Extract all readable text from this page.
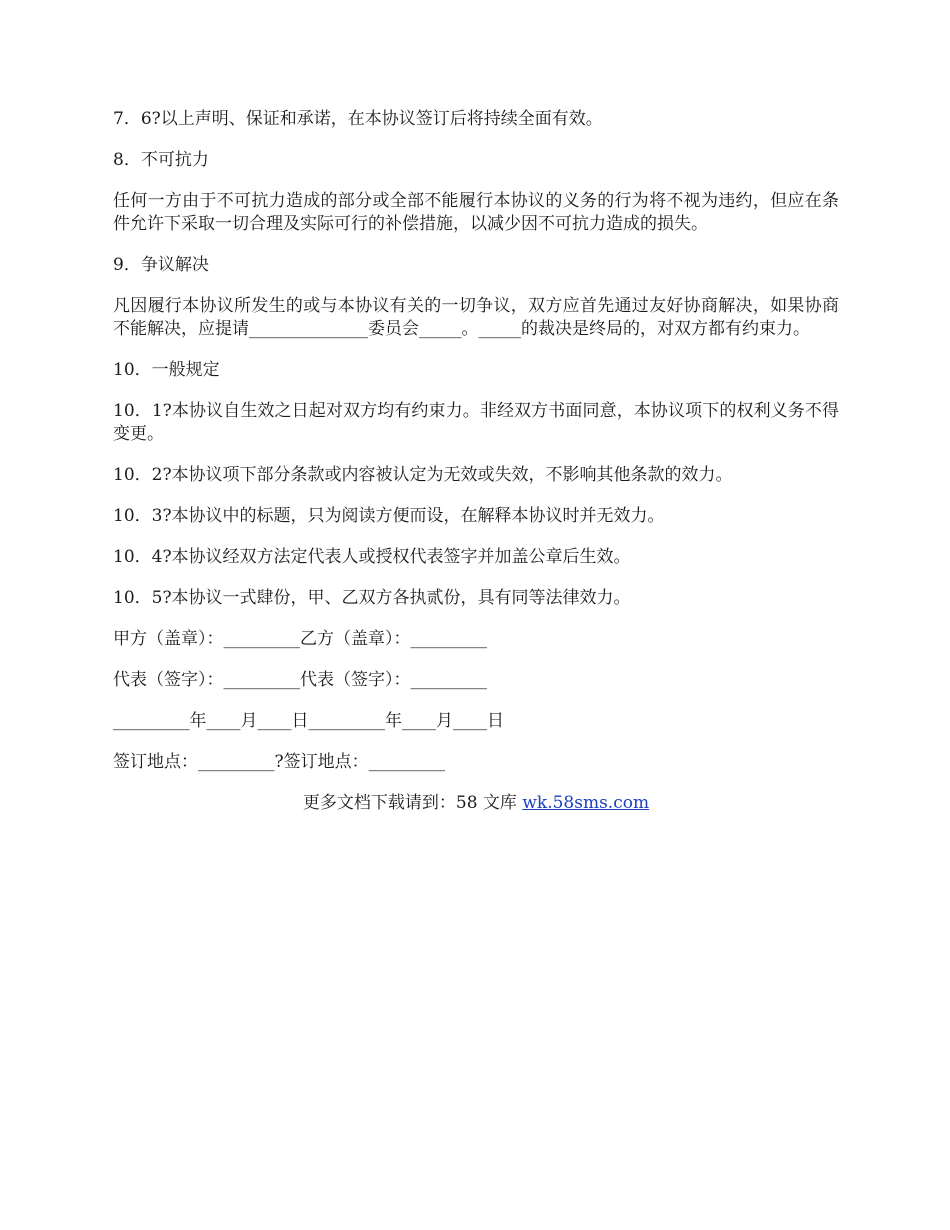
7．6?以上声明、保证和承诺，在本协议签订后将持续全面有效。

8．不可抗力

任何一方由于不可抗力造成的部分或全部不能履行本协议的义务的行为将不视为违约，但应在条件允许下采取一切合理及实际可行的补偿措施，以减少因不可抗力造成的损失。

9．争议解决

凡因履行本协议所发生的或与本协议有关的一切争议，双方应首先通过友好协商解决，如果协商不能解决，应提请______________委员会_____。_____的裁决是终局的，对双方都有约束力。

10．一般规定

10．1?本协议自生效之日起对双方均有约束力。非经双方书面同意，本协议项下的权利义务不得变更。

10．2?本协议项下部分条款或内容被认定为无效或失效，不影响其他条款的效力。

10．3?本协议中的标题，只为阅读方便而设，在解释本协议时并无效力。

10．4?本协议经双方法定代表人或授权代表签字并加盖公章后生效。

10．5?本协议一式肆份，甲、乙双方各执贰份，具有同等法律效力。

甲方（盖章）：_________乙方（盖章）：_________

代表（签字）：_________代表（签字）：_________

_________年____月____日_________年____月____日

签订地点：_________?签订地点：_________

更多文档下载请到：58 文库 wk.58sms.com
